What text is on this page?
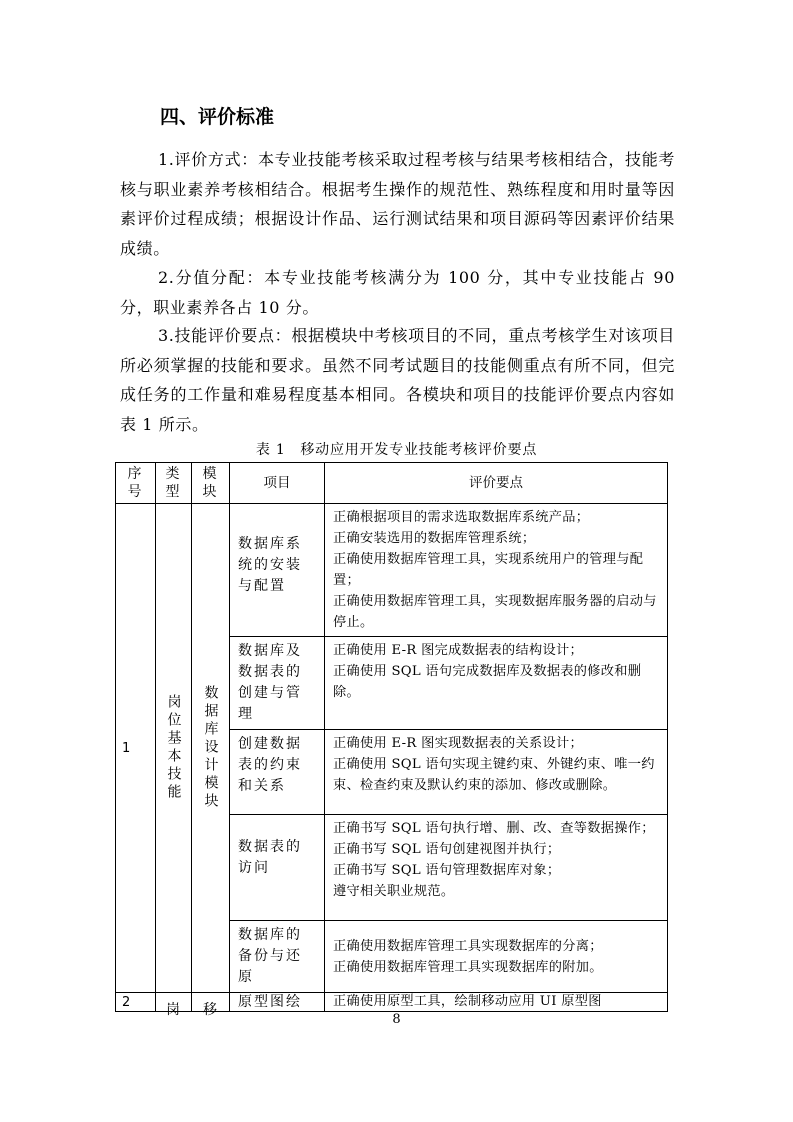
四、评价标准
1.评价方式：本专业技能考核采取过程考核与结果考核相结合，技能考核与职业素养考核相结合。根据考生操作的规范性、熟练程度和用时量等因素评价过程成绩；根据设计作品、运行测试结果和项目源码等因素评价结果成绩。
2.分值分配：本专业技能考核满分为 100 分，其中专业技能占 90 分，职业素养各占 10 分。
3.技能评价要点：根据模块中考核项目的不同，重点考核学生对该项目所必须掌握的技能和要求。虽然不同考试题目的技能侧重点有所不同，但完成任务的工作量和难易程度基本相同。各模块和项目的技能评价要点内容如表 1 所示。
表 1　移动应用开发专业技能考核评价要点
序号	类型	模块	项目	评价要点
1	岗位基本技能	数据库设计模块	数据库系统的安装与配置	正确根据项目的需求选取数据库系统产品；
正确安装选用的数据库管理系统；
正确使用数据库管理工具，实现系统用户的管理与配置；
正确使用数据库管理工具，实现数据库服务器的启动与停止。

			数据库及数据表的创建与管理	正确使用 E-R 图完成数据表的结构设计；
正确使用 SQL 语句完成数据库及数据表的修改和删除。

			创建数据表的约束和关系	正确使用 E-R 图实现数据表的关系设计；
正确使用 SQL 语句实现主键约束、外键约束、唯一约束、检查约束及默认约束的添加、修改或删除。

			数据表的访问	正确书写 SQL 语句执行增、删、改、查等数据操作；
正确书写 SQL 语句创建视图并执行；
正确书写 SQL 语句管理数据库对象；
遵守相关职业规范。

			数据库的备份与还原	正确使用数据库管理工具实现数据库的分离；
正确使用数据库管理工具实现数据库的附加。

2	岗	移	原型图绘	正确使用原型工具，绘制移动应用 UI 原型图
8
